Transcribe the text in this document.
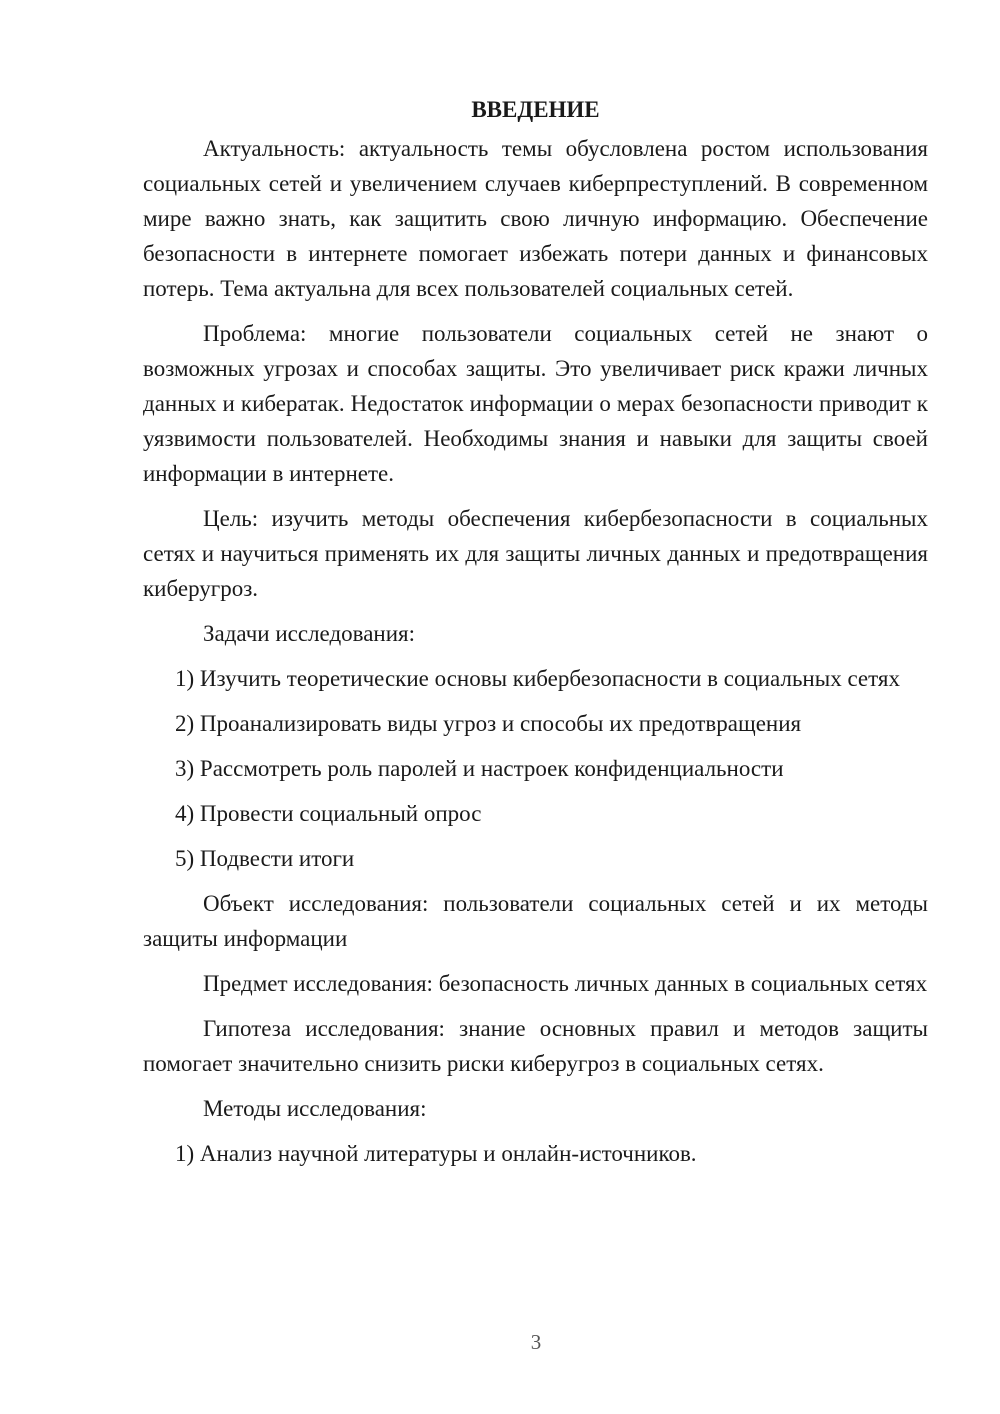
ВВЕДЕНИЕ

Актуальность: актуальность темы обусловлена ростом использования социальных сетей и увеличением случаев киберпреступлений. В современном мире важно знать, как защитить свою личную информацию. Обеспечение безопасности в интернете помогает избежать потери данных и финансовых потерь. Тема актуальна для всех пользователей социальных сетей.

Проблема: многие пользователи социальных сетей не знают о возможных угрозах и способах защиты. Это увеличивает риск кражи личных данных и кибератак. Недостаток информации о мерах безопасности приводит к уязвимости пользователей. Необходимы знания и навыки для защиты своей информации в интернете.

Цель: изучить методы обеспечения кибербезопасности в социальных сетях и научиться применять их для защиты личных данных и предотвращения киберугроз.

Задачи исследования:

1) Изучить теоретические основы кибербезопасности в социальных сетях

2) Проанализировать виды угроз и способы их предотвращения

3) Рассмотреть роль паролей и настроек конфиденциальности

4) Провести социальный опрос

5) Подвести итоги

Объект исследования: пользователи социальных сетей и их методы защиты информации

Предмет исследования: безопасность личных данных в социальных сетях

Гипотеза исследования: знание основных правил и методов защиты помогает значительно снизить риски киберугроз в социальных сетях.

Методы исследования:

1) Анализ научной литературы и онлайн-источников.

3
